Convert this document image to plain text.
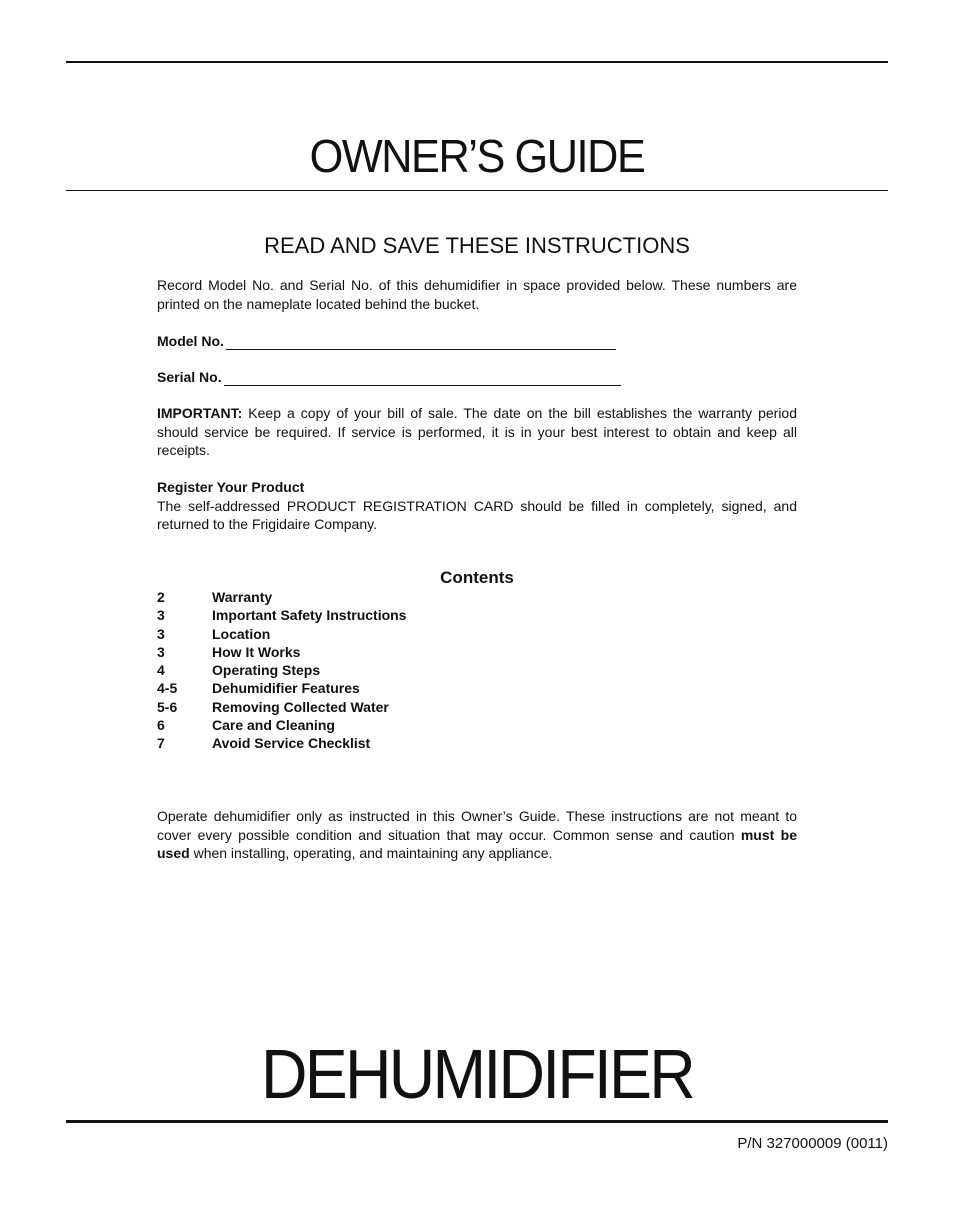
OWNER’S GUIDE
READ AND SAVE THESE INSTRUCTIONS

Record Model No. and Serial No. of this dehumidifier in space provided below. These numbers are printed on the nameplate located behind the bucket.

Model No.
Serial No.

IMPORTANT: Keep a copy of your bill of sale. The date on the bill establishes the warranty period should service be required. If service is performed, it is in your best interest to obtain and keep all receipts.

Register Your Product
The self-addressed PRODUCT REGISTRATION CARD should be filled in completely, signed, and returned to the Frigidaire Company.
Contents
2	Warranty
3	Important Safety Instructions
3	Location
3	How It Works
4	Operating Steps
4-5	Dehumidifier Features
5-6	Removing Collected Water
6	Care and Cleaning
7	Avoid Service Checklist

Operate dehumidifier only as instructed in this Owner’s Guide. These instructions are not meant to cover every possible condition and situation that may occur. Common sense and caution must be used when installing, operating, and maintaining any appliance.

DEHUMIDIFIER
P/N 327000009 (0011)
